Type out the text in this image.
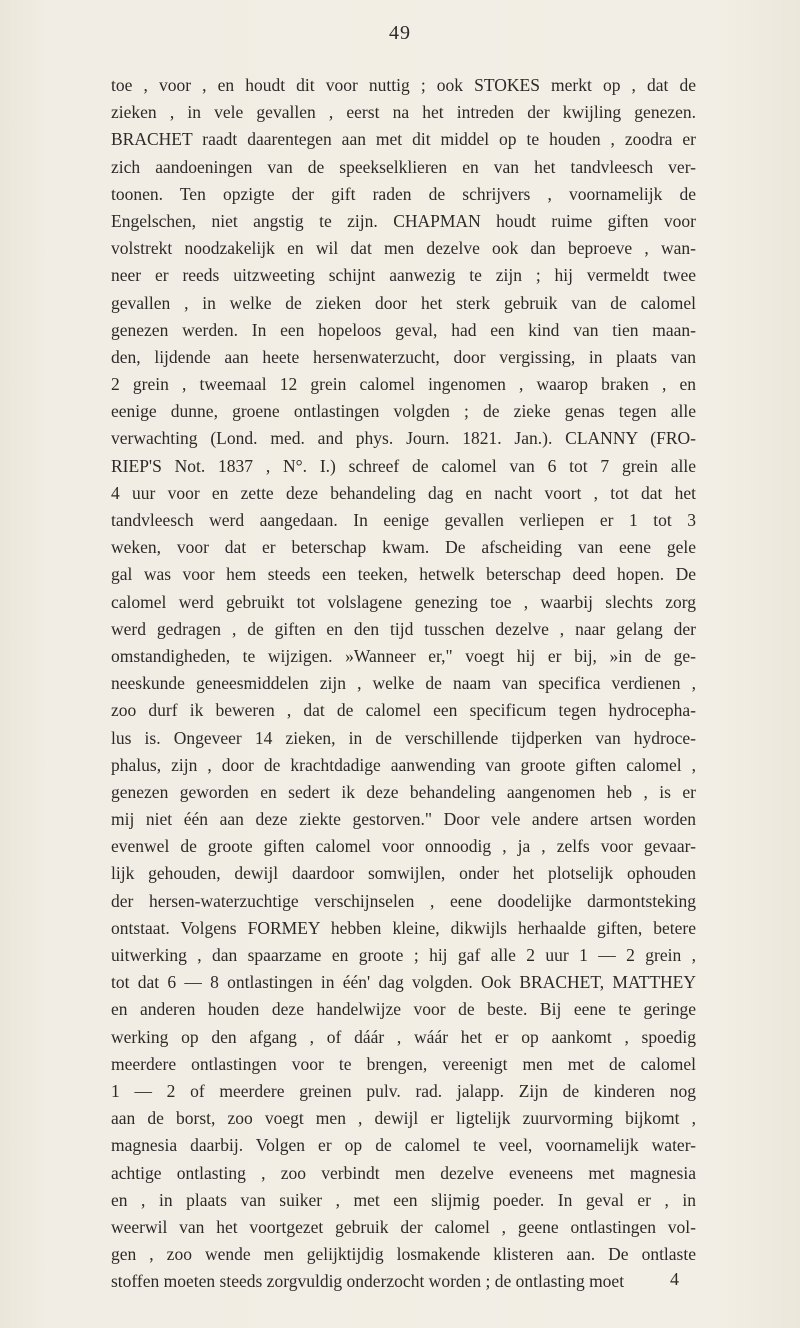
49
toe , voor , en houdt dit voor nuttig ; ook STOKES merkt op , dat de
zieken , in vele gevallen , eerst na het intreden der kwijling genezen.
BRACHET raadt daarentegen aan met dit middel op te houden , zoodra er
zich aandoeningen van de speekselklieren en van het tandvleesch ver-
toonen. Ten opzigte der gift raden de schrijvers , voornamelijk de
Engelschen, niet angstig te zijn. CHAPMAN houdt ruime giften voor
volstrekt noodzakelijk en wil dat men dezelve ook dan beproeve , wan-
neer er reeds uitzweeting schijnt aanwezig te zijn ; hij vermeldt twee
gevallen , in welke de zieken door het sterk gebruik van de calomel
genezen werden. In een hopeloos geval, had een kind van tien maan-
den, lijdende aan heete hersenwaterzucht, door vergissing, in plaats van
2 grein , tweemaal 12 grein calomel ingenomen , waarop braken , en
eenige dunne, groene ontlastingen volgden ; de zieke genas tegen alle
verwachting (Lond. med. and phys. Journ. 1821. Jan.). CLANNY (FRO-
RIEP'S Not. 1837 , N°. I.) schreef de calomel van 6 tot 7 grein alle
4 uur voor en zette deze behandeling dag en nacht voort , tot dat het
tandvleesch werd aangedaan. In eenige gevallen verliepen er 1 tot 3
weken, voor dat er beterschap kwam. De afscheiding van eene gele
gal was voor hem steeds een teeken, hetwelk beterschap deed hopen. De
calomel werd gebruikt tot volslagene genezing toe , waarbij slechts zorg
werd gedragen , de giften en den tijd tusschen dezelve , naar gelang der
omstandigheden, te wijzigen. »Wanneer er," voegt hij er bij, »in de ge-
neeskunde geneesmiddelen zijn , welke de naam van specifica verdienen ,
zoo durf ik beweren , dat de calomel een specificum tegen hydrocepha-
lus is. Ongeveer 14 zieken, in de verschillende tijdperken van hydroce-
phalus, zijn , door de krachtdadige aanwending van groote giften calomel ,
genezen geworden en sedert ik deze behandeling aangenomen heb , is er
mij niet één aan deze ziekte gestorven." Door vele andere artsen worden
evenwel de groote giften calomel voor onnoodig , ja , zelfs voor gevaar-
lijk gehouden, dewijl daardoor somwijlen, onder het plotselijk ophouden
der hersen-waterzuchtige verschijnselen , eene doodelijke darmontsteking
ontstaat. Volgens FORMEY hebben kleine, dikwijls herhaalde giften, betere
uitwerking , dan spaarzame en groote ; hij gaf alle 2 uur 1 — 2 grein ,
tot dat 6 — 8 ontlastingen in één' dag volgden. Ook BRACHET, MATTHEY
en anderen houden deze handelwijze voor de beste. Bij eene te geringe
werking op den afgang , of dáár , wáár het er op aankomt , spoedig
meerdere ontlastingen voor te brengen, vereenigt men met de calomel
1 — 2 of meerdere greinen pulv. rad. jalapp. Zijn de kinderen nog
aan de borst, zoo voegt men , dewijl er ligtelijk zuurvorming bijkomt ,
magnesia daarbij. Volgen er op de calomel te veel, voornamelijk water-
achtige ontlasting , zoo verbindt men dezelve eveneens met magnesia
en , in plaats van suiker , met een slijmig poeder. In geval er , in
weerwil van het voortgezet gebruik der calomel , geene ontlastingen vol-
gen , zoo wende men gelijktijdig losmakende klisteren aan. De ontlaste
stoffen moeten steeds zorgvuldig onderzocht worden ; de ontlasting moet	4
